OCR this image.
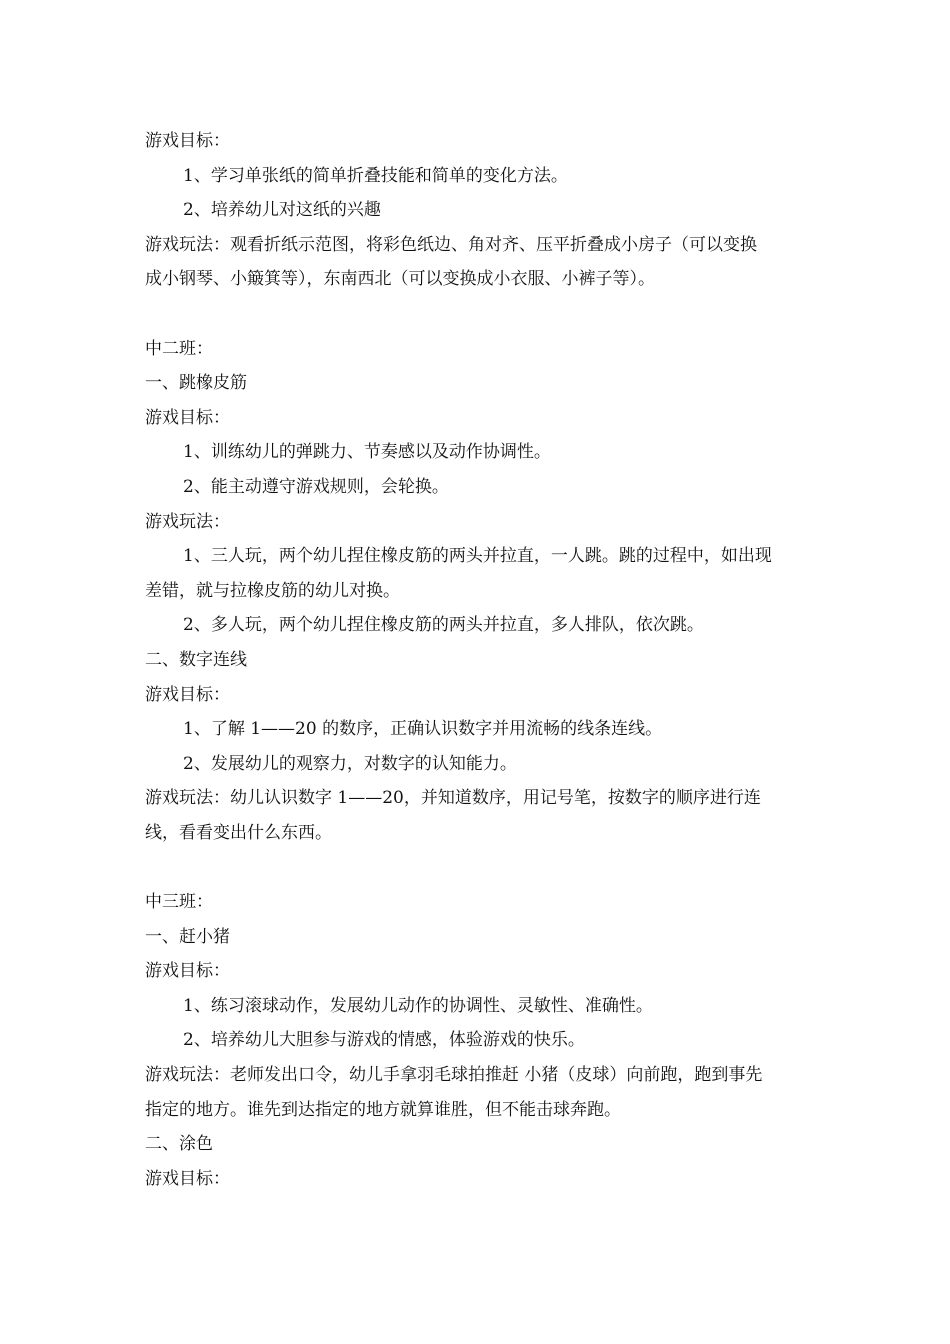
游戏目标：
1、学习单张纸的简单折叠技能和简单的变化方法。
2、培养幼儿对这纸的兴趣
游戏玩法：观看折纸示范图，将彩色纸边、角对齐、压平折叠成小房子（可以变换
成小钢琴、小簸箕等），东南西北（可以变换成小衣服、小裤子等）。
中二班：
一、跳橡皮筋
游戏目标：
1、训练幼儿的弹跳力、节奏感以及动作协调性。
2、能主动遵守游戏规则，会轮换。
游戏玩法：
1、三人玩，两个幼儿捏住橡皮筋的两头并拉直，一人跳。跳的过程中，如出现
差错，就与拉橡皮筋的幼儿对换。
2、多人玩，两个幼儿捏住橡皮筋的两头并拉直，多人排队，依次跳。
二、数字连线
游戏目标：
1、了解 1——20 的数序，正确认识数字并用流畅的线条连线。
2、发展幼儿的观察力，对数字的认知能力。
游戏玩法：幼儿认识数字 1——20，并知道数序，用记号笔，按数字的顺序进行连
线，看看变出什么东西。
中三班：
一、赶小猪
游戏目标：
1、练习滚球动作，发展幼儿动作的协调性、灵敏性、准确性。
2、培养幼儿大胆参与游戏的情感，体验游戏的快乐。
游戏玩法：老师发出口令，幼儿手拿羽毛球拍推赶 小猪（皮球）向前跑，跑到事先
指定的地方。谁先到达指定的地方就算谁胜，但不能击球奔跑。
二、涂色
游戏目标：
